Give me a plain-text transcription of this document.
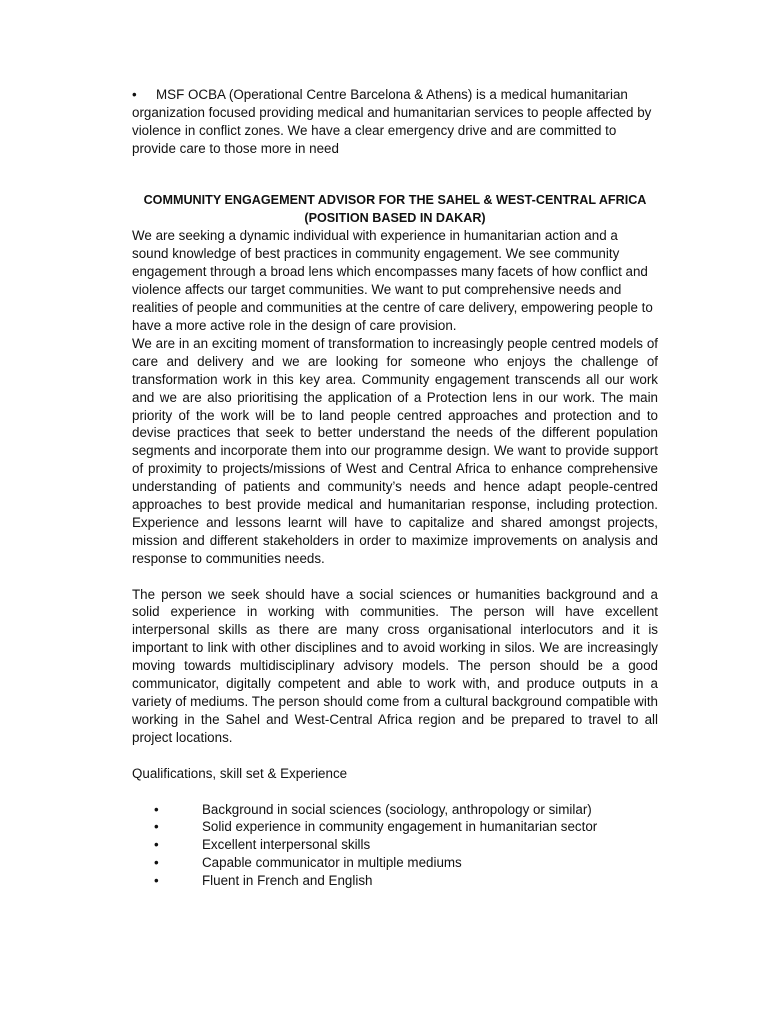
•	MSF OCBA (Operational Centre Barcelona & Athens) is a medical humanitarian organization focused providing medical and humanitarian services to people affected by violence in conflict zones. We have a clear emergency drive and are committed to provide care to those more in need

COMMUNITY ENGAGEMENT ADVISOR FOR THE SAHEL & WEST-CENTRAL AFRICA
(POSITION BASED IN DAKAR)

We are seeking a dynamic individual with experience in humanitarian action and a sound knowledge of best practices in community engagement. We see community engagement through a broad lens which encompasses many facets of how conflict and violence affects our target communities. We want to put comprehensive needs and realities of people and communities at the centre of care delivery, empowering people to have a more active role in the design of care provision.

We are in an exciting moment of transformation to increasingly people centred models of care and delivery and we are looking for someone who enjoys the challenge of transformation work in this key area. Community engagement transcends all our work and we are also prioritising the application of a Protection lens in our work. The main priority of the work will be to land people centred approaches and protection and to devise practices that seek to better understand the needs of the different population segments and incorporate them into our programme design. We want to provide support of proximity to projects/missions of West and Central Africa to enhance comprehensive understanding of patients and community’s needs and hence adapt people-centred approaches to best provide medical and humanitarian response, including protection. Experience and lessons learnt will have to capitalize and shared amongst projects, mission and different stakeholders in order to maximize improvements on analysis and response to communities needs.

The person we seek should have a social sciences or humanities background and a solid experience in working with communities. The person will have excellent interpersonal skills as there are many cross organisational interlocutors and it is important to link with other disciplines and to avoid working in silos. We are increasingly moving towards multidisciplinary advisory models. The person should be a good communicator, digitally competent and able to work with, and produce outputs in a variety of mediums. The person should come from a cultural background compatible with working in the Sahel and West-Central Africa region and be prepared to travel to all project locations.

Qualifications, skill set & Experience

•	Background in social sciences (sociology, anthropology or similar)
•	Solid experience in community engagement in humanitarian sector
•	Excellent interpersonal skills
•	Capable communicator in multiple mediums
•	Fluent in French and English
